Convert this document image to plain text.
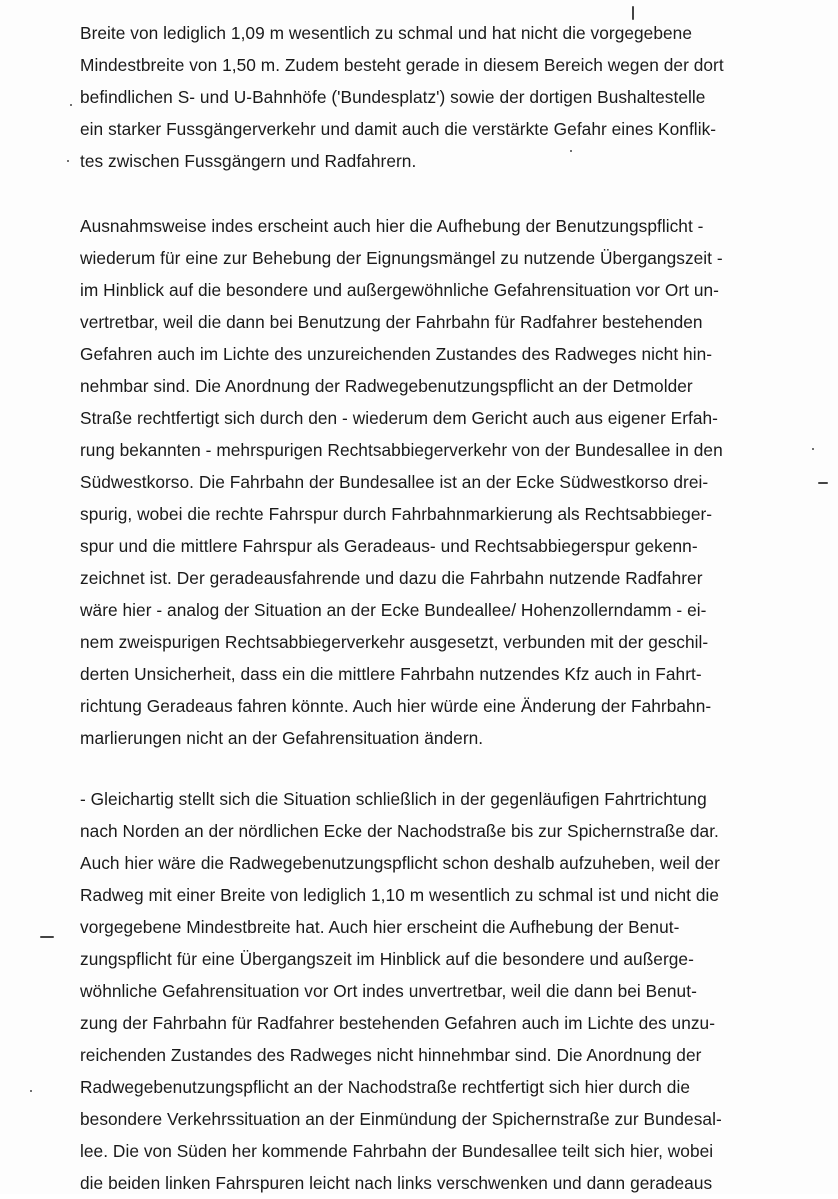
Breite von lediglich 1,09 m wesentlich zu schmal und hat nicht die vorgegebene
Mindestbreite von 1,50 m. Zudem besteht gerade in diesem Bereich wegen der dort
befindlichen S- und U-Bahnhöfe ('Bundesplatz') sowie der dortigen Bushaltestelle
ein starker Fussgängerverkehr und damit auch die verstärkte Gefahr eines Konflik-
tes zwischen Fussgängern und Radfahrern.
Ausnahmsweise indes erscheint auch hier die Aufhebung der Benutzungspflicht -
wiederum für eine zur Behebung der Eignungsmängel zu nutzende Übergangszeit -
im Hinblick auf die besondere und außergewöhnliche Gefahrensituation vor Ort un-
vertretbar, weil die dann bei Benutzung der Fahrbahn für Radfahrer bestehenden
Gefahren auch im Lichte des unzureichenden Zustandes des Radweges nicht hin-
nehmbar sind. Die Anordnung der Radwegebenutzungspflicht an der Detmolder
Straße rechtfertigt sich durch den - wiederum dem Gericht auch aus eigener Erfah-
rung bekannten - mehrspurigen Rechtsabbiegerverkehr von der Bundesallee in den
Südwestkorso. Die Fahrbahn der Bundesallee ist an der Ecke Südwestkorso drei-
spurig, wobei die rechte Fahrspur durch Fahrbahnmarkierung als Rechtsabbieger-
spur und die mittlere Fahrspur als Geradeaus- und Rechtsabbiegerspur gekenn-
zeichnet ist. Der geradeausfahrende und dazu die Fahrbahn nutzende Radfahrer
wäre hier - analog der Situation an der Ecke Bundeallee/ Hohenzollerndamm - ei-
nem zweispurigen Rechtsabbiegerverkehr ausgesetzt, verbunden mit der geschil-
derten Unsicherheit, dass ein die mittlere Fahrbahn nutzendes Kfz auch in Fahrt-
richtung Geradeaus fahren könnte. Auch hier würde eine Änderung der Fahrbahn-
marlierungen nicht an der Gefahrensituation ändern.
- Gleichartig stellt sich die Situation schließlich in der gegenläufigen Fahrtrichtung
nach Norden an der nördlichen Ecke der Nachodstraße bis zur Spichernstraße dar.
Auch hier wäre die Radwegebenutzungspflicht schon deshalb aufzuheben, weil der
Radweg mit einer Breite von lediglich 1,10 m wesentlich zu schmal ist und nicht die
vorgegebene Mindestbreite hat. Auch hier erscheint die Aufhebung der Benut-
zungspflicht für eine Übergangszeit im Hinblick auf die besondere und außerge-
wöhnliche Gefahrensituation vor Ort indes unvertretbar, weil die dann bei Benut-
zung der Fahrbahn für Radfahrer bestehenden Gefahren auch im Lichte des unzu-
reichenden Zustandes des Radweges nicht hinnehmbar sind. Die Anordnung der
Radwegebenutzungspflicht an der Nachodstraße rechtfertigt sich hier durch die
besondere Verkehrssituation an der Einmündung der Spichernstraße zur Bundesal-
lee. Die von Süden her kommende Fahrbahn der Bundesallee teilt sich hier, wobei
die beiden linken Fahrspuren leicht nach links verschwenken und dann geradeaus
